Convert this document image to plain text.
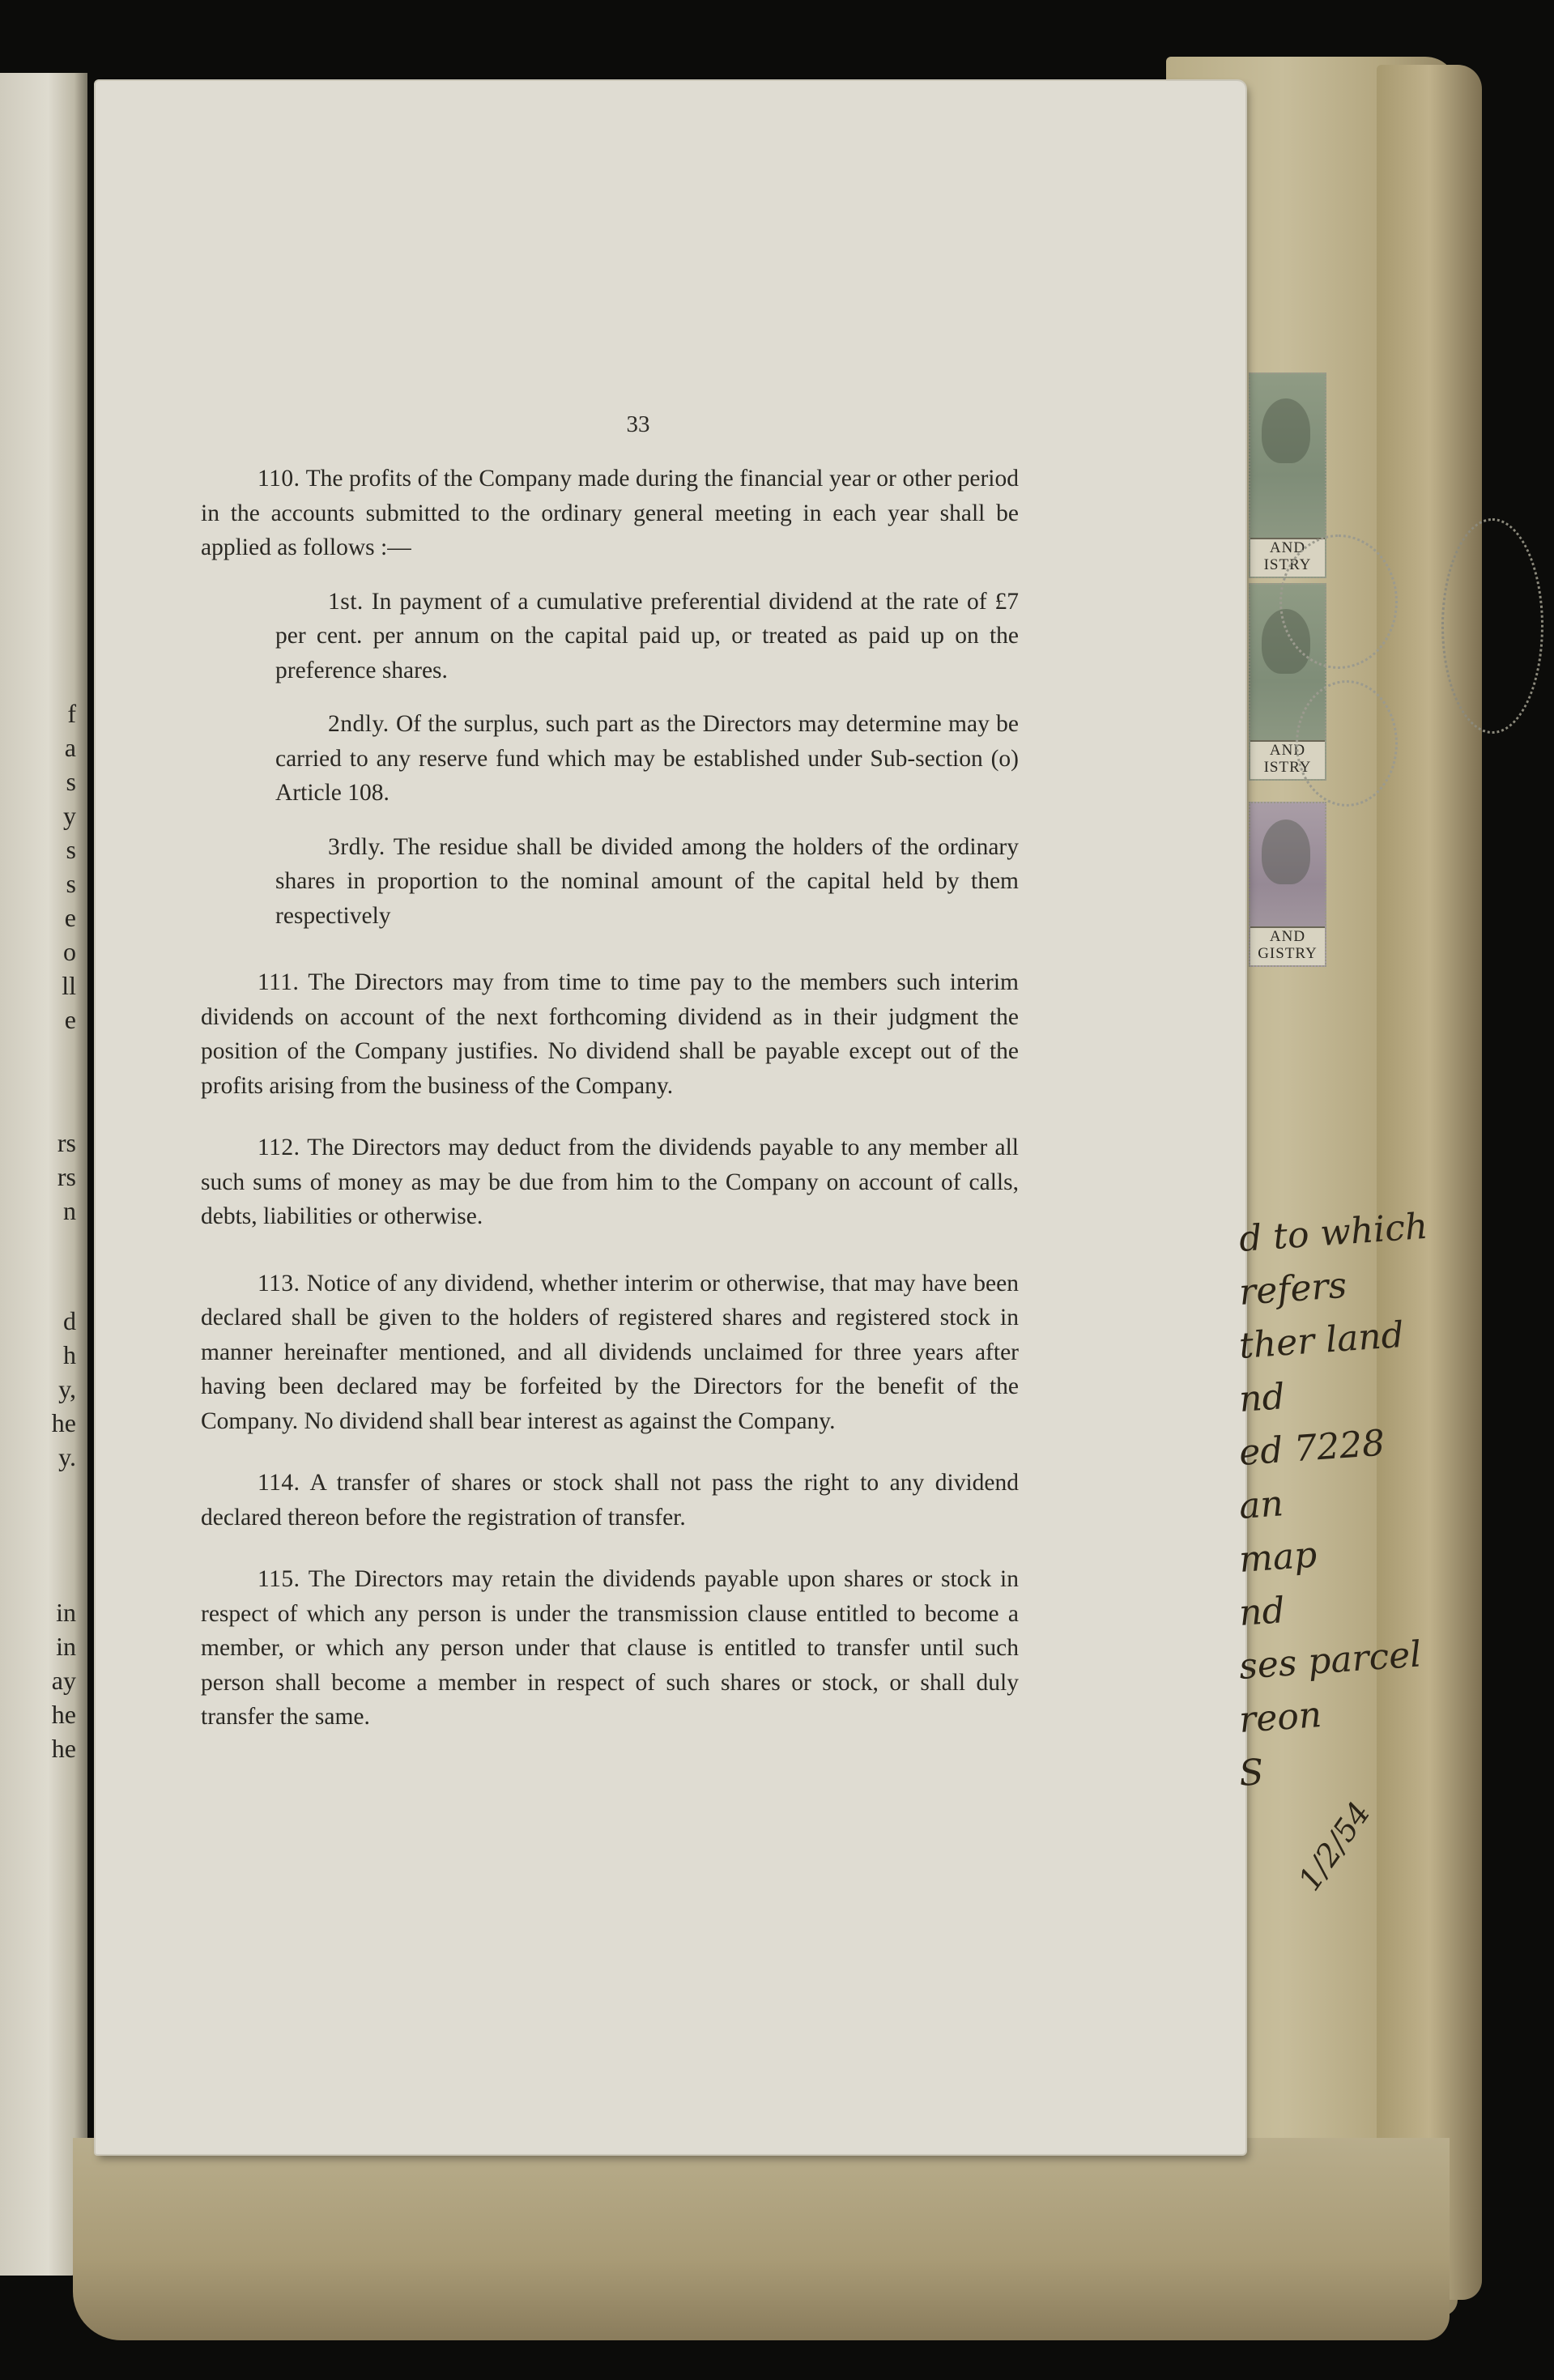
f
a
s
y
s
s
e
o
ll
e
rs
rs
n
d
h
y,
he
y.
in
in
ay
he
he
AND
ISTRY
AND
ISTRY
AND
GISTRY
33

110. The profits of the Company made during the financial year or other period in the accounts submitted to the ordinary general meeting in each year shall be applied as follows :—

1st. In payment of a cumulative preferential dividend at the rate of £7 per cent. per annum on the capital paid up, or treated as paid up on the preference shares.

2ndly. Of the surplus, such part as the Directors may determine may be carried to any reserve fund which may be established under Sub-section (o) Article 108.

3rdly. The residue shall be divided among the holders of the ordinary shares in proportion to the nominal amount of the capital held by them respectively

111. The Directors may from time to time pay to the members such interim dividends on account of the next forthcoming dividend as in their judgment the position of the Company justifies. No dividend shall be payable except out of the profits arising from the business of the Company.

112. The Directors may deduct from the dividends payable to any member all such sums of money as may be due from him to the Company on account of calls, debts, liabilities or otherwise.

113. Notice of any dividend, whether interim or otherwise, that may have been declared shall be given to the holders of registered shares and registered stock in manner hereinafter mentioned, and all dividends unclaimed for three years after having been declared may be forfeited by the Directors for the benefit of the Company. No dividend shall bear interest as against the Company.

114. A transfer of shares or stock shall not pass the right to any dividend declared thereon before the registration of transfer.

115. The Directors may retain the dividends payable upon shares or stock in respect of which any person is under the transmission clause entitled to become a member, or which any person under that clause is entitled to transfer until such person shall become a member in respect of such shares or stock, or shall duly transfer the same.

d to which
refers
ther land
nd
ed 7228
an
map
nd
ses parcel
reon
S
1/2/54
